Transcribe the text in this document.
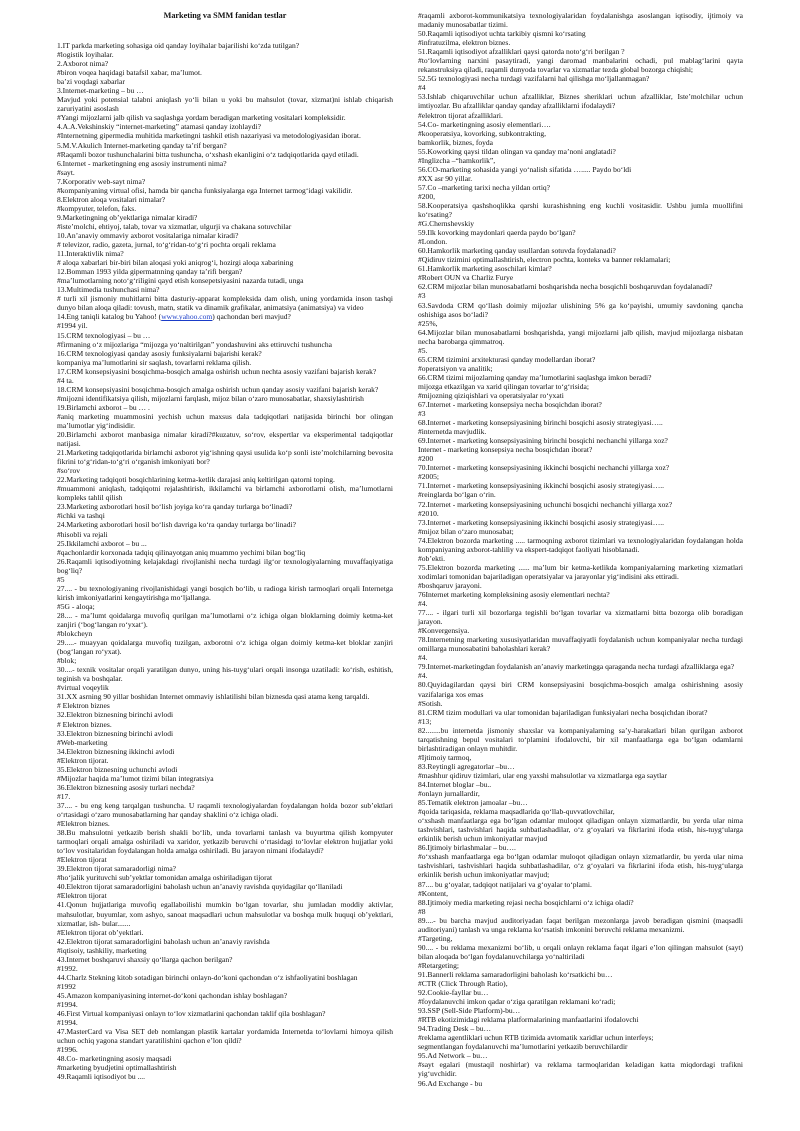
Marketing va SMM fanidan testlar
1.IT parkda marketing sohasiga oid qanday loyihalar bajarilishi ko‘zda tutilgan?
#logistik loyihalar.
2.Axborot nima?
#biron voqea haqidagi batafsil xabar, ma’lumot.
ba’zi voqdagi xabarlar
3.Internet-marketing – bu …
Mavjud yoki potensial talabni aniqlash yo‘li bilan u yoki bu mahsulot (tovar, xizmat)ni ishlab chiqarish zaruriyatini asoslash
#Yangi mijozlarni jalb qilish va saqlashga yordam beradigan marketing vositalari kompleksidir.
4.A.A.Vekshinskiy “internet-marketing” atamasi qanday izohlaydi?
#Internetning gipermedia muhitida marketingni tashkil etish nazariyasi va metodologiyasidan iborat.
5.M.V.Akulich Internet-marketing qanday ta’rif bergan?
#Raqamli bozor tushunchalarini bitta tushuncha, o‘xshash ekanligini o‘z tadqiqotlarida qayd etiladi.
6.Internet - marketingning eng asosiy instrumenti nima?
#sayt.
7.Korporativ web-sayt nima?
#kompaniyaning virtual ofisi, hamda bir qancha funksiyalarga ega Internet tarmog‘idagi vakilidir.
8.Elektron aloqa vositalari nimalar?
#kompyuter, telefon, faks.
9.Marketingning ob’yektlariga nimalar kiradi?
#iste’molchi, ehtiyoj, talab, tovar va xizmatlar, ulgurji va chakana sotuvchilar
10.An’anaviy ommaviy axborot vositalariga nimalar kiradi?
# televizor, radio, gazeta, jurnal, to‘g‘ridan-to‘g‘ri pochta orqali reklama
11.Interaktivlik nima?
# aloqa xabarlari bir-biri bilan aloqasi yoki aniqrog‘i, hozirgi aloqa xabarining
12.Bomman 1993 yilda gipermatnning qanday ta’rifi bergan?
#ma’lumotlarning noto‘g‘riligini qayd etish konsepetsiyasini nazarda tutadi, unga
13.Multimedia tushunchasi nima?
# turli xil jismoniy muhitlarni bitta dasturiy-apparat kompleksida dam olish, uning yordamida inson tashqi dunyo bilan aloqa qiladi: tovush, matn, statik va dinamik grafikalar, animatsiya (animatsiya) va video
14.Eng taniqli katalog bu Yahoo! (www.yahoo.com) qachondan beri mavjud?
#1994 yil.
15.CRM texnologiyasi – bu …
#firmaning o‘z mijozlariga “mijozga yo‘naltirilgan” yondashuvini aks ettiruvchi tushuncha
16.CRM texnologiyasi qanday asosiy funksiyalarni bajarishi kerak?
kompaniya ma’lumotlarini sir saqlash, tovarlarni reklama qilish.
17.CRM konsepsiyasini bosqichma-bosqich amalga oshirish uchun nechta asosiy vazifani bajarish kerak?
#4 ta.
18.CRM konsepsiyasini bosqichma-bosqich amalga oshirish uchun qanday asosiy vazifani bajarish kerak?
#mijozni identifikatsiya qilish, mijozlarni farqlash, mijoz bilan o‘zaro munosabatlar, shaxsiylashtirish
19.Birlamchi axborot – bu … .
#aniq marketing muammosini yechish uchun maxsus dala tadqiqotlari natijasida birinchi bor olingan ma’lumotlar yig‘indisidir.
20.Birlamchi axborot manbasiga nimalar kiradi?#kuzatuv, so‘rov, ekspertlar va eksperimental tadqiqotlar natijasi.
21.Marketing tadqiqotlarida birlamchi axborot yig‘ishning qaysi usulida ko‘p sonli iste’molchilarning bevosita fikrini to‘g‘ridan-to‘g‘ri o‘rganish imkoniyati bor?
#so‘rov
22.Marketing tadqiqoti bosqichlarining ketma-ketlik darajasi aniq keltirilgan qatorni toping.
#muammoni aniqlash, tadqiqotni rejalashtirish, ikkilamchi va birlamchi axborotlarni olish, ma’lumotlarni kompleks tahlil qilish
23.Marketing axborotlari hosil bo‘lish joyiga ko‘ra qanday turlarga bo‘linadi?
#ichki va tashqi
24.Marketing axborotlari hosil bo‘lish davriga ko‘ra qanday turlarga bo‘linadi?
#hisobli va rejali
25.Ikkilamchi axborot – bu ...
#qachonlardir korxonada tadqiq qilinayotgan aniq muammo yechimi bilan bog‘liq
26.Raqamli iqtisodiyotning kelajakdagi rivojlanishi necha turdagi ilg‘or texnologiyalarning muvaffaqiyatiga bog‘liq?
#5
27.... - bu texnologiyaning rivojlanishidagi yangi bosqich bo‘lib, u radioga kirish tarmoqlari orqali Internetga kirish imkoniyatlarini kengaytirishga mo‘ljallanga.
#5G - aloqa;
28.... - ma’lumt qoidalarga muvofiq qurilgan ma’lumotlarni o‘z ichiga olgan bloklarning doimiy ketma-ket zanjiri (‘bog‘langan ro‘yxat‘).
#blokcheyn
29.....- muayyan qoidalarga muvofiq tuzilgan, axborotni o‘z ichiga olgan doimiy ketma-ket bloklar zanjiri (bog‘langan ro‘yxat).
#blok;
30....- texnik vositalar orqali yaratilgan dunyo, uning his-tuyg‘ulari orqali insonga uzatiladi: ko‘rish, eshitish, teginish va boshqalar.
#virtual voqeylik
31.XX asrning 90 yillar boshidan Internet ommaviy ishlatilishi bilan biznesda qasi atama keng tarqaldi.
# Elektron biznes
32.Elektron biznesning birinchi avlodi
# Elektron biznes.
33.Elektron biznesning birinchi avlodi
#Web-marketing
34.Elektron biznesning ikkinchi avlodi
#Elektron tijorat.
35.Elektron biznesning uchunchi avlodi
#Mijozlar haqida ma’lumot tizimi bilan integratsiya
36.Elektron biznesning asosiy turlari nechda?
#17.
37.... - bu eng keng tarqalgan tushuncha. U raqamli texnologiyalardan foydalangan holda bozor sub’ektlari o‘rtasidagi o‘zaro munosabatlarning har qanday shaklini o‘z ichiga oladi.
#Elektron biznes.
38.Bu mahsulotni yetkazib berish shakli bo‘lib, unda tovarlarni tanlash va buyurtma qilish kompyuter tarmoqlari orqali amalga oshiriladi va xaridor, yetkazib beruvchi o‘rtasidagi to‘lovlar elektron hujjatlar yoki to‘lov vositalaridan foydalangan holda amalga oshiriladi. Bu jarayon nimani ifodalaydi?
#Elektron tijorat
39.Elektron tijorat samaradorligi nima?
#ho‘jalik yurituvchi sub’yektlar tomonidan amalga oshiriladigan tijorat
40.Elektron tijorat samaradorligini baholash uchun an’anaviy ravishda quyidagilar qo‘llaniladi
#Elektron tijorat
41.Qonun hujjatlariga muvofiq egallaboilishi mumkin bo‘lgan tovarlar, shu jumladan moddiy aktivlar, mahsulotlar, buyumlar, xom ashyo, sanoat maqsadlari uchun mahsulotlar va boshqa mulk huquqi ob’yektlari, xizmatlar, ish- bular.......
#Elektron tijorat ob’yektlari.
42.Elektron tijorat samaradorligini baholash uchun an’anaviy ravishda
#iqtisoiy, tashkiliy, marketing
43.Internet boshqaruvi shaxsiy qo‘llarga qachon berilgan?
#1992.
44.Charlz Stekning kitob sotadigan birinchi onlayn-do‘koni qachondan o‘z ishfaoliyatini boshlagan
#1992
45.Amazon kompaniyasining internet-do‘koni qachondan ishlay boshlagan?
#1994.
46.First Virtual kompaniyasi onlayn to‘lov xizmatlarini qachondan taklif qila boshlagan?
#1994.
47.MasterCard va Visa SET deb nomlangan plastik kartalar yordamida Internetda to‘lovlarni himoya qilish uchun ochiq yagona standart yaratilishini qachon e’lon qildi?
#1996.
48.Co- marketingning asosiy maqsadi
#marketing byudjetini optimallashtirish
49.Raqamli iqtisodiyot bu ....
#raqamli axborot-kommunikatsiya texnologiyalaridan foydalanishga asoslangan iqtisodiy, ijtimoiy va madaniy munosabatlar tizimi.
50.Raqamli iqtisodiyot uchta tarkibiy qismni ko‘rsating
#infratuzilma, elektron biznes.
51.Raqamli iqtisodiyot afzalliklari qaysi qatorda noto‘g‘ri berilgan ?
#to‘lovlarning narxini pasaytiradi, yangi daromad manbalarini ochadi, pul mablag‘larini qayta rekanstruksiya qiladi, raqamli dunyoda tovarlar va xizmatlar tezda global bozorga chiqishi;
52.5G texnologiyasi necha turdagi vazifalarni hal qilishga mo‘ljallanmagan?
#4
53.Ishlab chiqaruvchilar uchun afzalliklar, Biznes sheriklari uchun afzalliklar, Iste’molchilar uchun imtiyozlar. Bu afzalliklar qanday qanday afzalliklarni ifodalaydi?
#elektron tijorat afzalliklari.
54.Co- marketingning asosiy elementlari….
#kooperatsiya, kovorking, subkontrakting,
bamkorlik, biznes, foyda
55.Koworking qaysi tildan olingan va qanday ma’noni anglatadi?
#Inglizcha –“hamkorlik”,
56.CO-marketing sohasida yangi yo‘nalish sifatida …..... Paydo bo‘ldi
#XX asr 90 yillar.
57.Co –marketing tarixi necha yildan ortiq?
#200,
58.Kooperatsiya qashshoqlikka qarshi kurashishning eng kuchli vositasidir. Ushbu jumla muollifini ko‘rsating?
#G.Chernshevskiy
59.Ilk kovorking maydonlari qaerda paydo bo‘lgan?
#London.
60.Hamkorlik marketing qanday usullardan sotuvda foydalanadi?
#Qidiruv tizimini optimallashtirish, electron pochta, konteks va banner reklamalari;
61.Hamkorlik marketing asoschilari kimlar?
#Robert OUN va Charliz Furye
62.CRM mijozlar bilan munosabatlarni boshqarishda necha bosqichli boshqaruvdan foydalanadi?
#3
63.Savdoda CRM qo‘llash doimiy mijozlar ulishining 5% ga ko‘payishi, umumiy savdoning qancha oshishiga asos bo‘ladi?
#25%,
64.Mijozlar bilan munosabatlarni boshqarishda, yangi mijozlarni jalb qilish, mavjud mijozlarga nisbatan necha barobarga qimmatroq.
#5.
65.CRM tizimini arxitekturasi qanday modellardan iborat?
#operatsiyon va analitik;
66.CRM tizimi mijozlarning qanday ma’lumotlarini saqlashga imkon beradi?
mijozga etkazilgan va xarid qilingan tovarlar to‘g‘risida;
#mijozning qiziqishlari va operatsiyalar ro‘yxati
67.Internet - marketing konsepsiya necha bosqichdan iborat?
#3
68.Internet - marketing konsepsiyasining birinchi bosqichi asosiy strategiyasi…..
#internetda mavjudlik.
69.Internet - marketing konsepsiyasining birinchi bosqichi nechanchi yillarga xoz?
Internet - marketing konsepsiya necha bosqichdan iborat?
#200
70.Internet - marketing konsepsiyasining ikkinchi bosqichi nechanchi yillarga xoz?
#2005;
71.Internet - marketing konsepsiyasining ikkinchi bosqichi asosiy strategiyasi…..
#reinglarda bo‘lgan o‘rin.
72.Internet - marketing konsepsiyasining uchunchi bosqichi nechanchi yillarga xoz?
#2010.
73.Internet - marketing konsepsiyasining ikkinchi bosqichi asosiy strategiyasi…..
#mijoz bilan o‘zaro munosabat;
74.Elektron bozorda marketing ..... tarmoqning axborot tizimlari va texnologiyalaridan foydalangan holda kompaniyaning axborot-tahliliy va ekspert-tadqiqot faoliyati hisoblanadi.
#ob’ekti.
75.Elektron bozorda marketing ...... ma’lum bir ketma-ketlikda kompaniyalarning marketing xizmatlari xodimlari tomonidan bajariladigan operatsiyalar va jarayonlar yig‘indisini aks ettiradi.
#boshqaruv jarayoni.
76Internet marketing kompleksining asosiy elementlari nechta?
#4.
77.... - ilgari turli xil bozorlarga tegishli bo‘lgan tovarlar va xizmatlarni bitta bozorga olib boradigan jarayon.
#Konvergensiya.
78.Internetning marketing xususiyatlaridan muvaffaqiyatli foydalanish uchun kompaniyalar necha turdagi omillarga munosabatini baholashlari kerak?
#4.
79.Internet-marketingdan foydalanish an’anaviy marketingga qaraganda necha turdagi afzalliklarga ega?
#4.
80.Quyidagilardan qaysi biri CRM konsepsiyasini bosqichma-bosqich amalga oshirishning asosiy vazifalariga xos emas
#Sotish.
81.CRM tizim modullari va ular tomonidan bajariladigan funksiyalari necha bosqichdan iborat?
#13;
82........bu internetda jismoniy shaxslar va kompaniyalarning sa’y-harakatlari bilan qurilgan axborot tarqatishning bepul vositalari to‘plamini ifodalovchi, bir xil manfaatlarga ega bo‘lgan odamlarni birlashtiradigan onlayn muhitdir.
#Ijtimoiy tarmoq,
83.Reytingli agregatorlar –bu…
#mashhur qidiruv tizimlari, ular eng yaxshi mahsulotlar va xizmatlarga ega saytlar
84.Internet bloglar –bu..
#onlayn jurnallardir,
85.Tematik elektron jamoalar –bu…
#qoida tariqasida, reklama maqsadlarida qo‘llab-quvvatlovchilar,
o‘xshash manfaatlarga ega bo‘lgan odamlar muloqot qiladigan onlayn xizmatlardir, bu yerda ular nima tashvishlari, tashvishlari haqida suhbatlashadilar, o‘z g‘oyalari va fikrlarini ifoda etish, his-tuyg‘ularga erkinlik berish uchun imkoniyatlar mavjud
86.Ijtimoiy birlashmalar – bu….
#o‘xshash manfaatlarga ega bo‘lgan odamlar muloqot qiladigan onlayn xizmatlardir, bu yerda ular nima tashvishlari, tashvishlari haqida suhbatlashadilar, o‘z g‘oyalari va fikrlarini ifoda etish, his-tuyg‘ularga erkinlik berish uchun imkoniyatlar mavjud;
87.... bu g‘oyalar, tadqiqot natijalari va g‘oyalar to‘plami.
#Kontent,
88.Ijtimoiy media marketing rejasi necha bosqichlarni o‘z ichiga oladi?
#8
89....- bu barcha mavjud auditoriyadan faqat berilgan mezonlarga javob beradigan qismini (maqsadli auditoriyani) tanlash va unga reklama ko‘rsatish imkonini beruvchi reklama mexanizmi.
#Targeting,
90.... - bu reklama mexanizmi bo‘lib, u orqali onlayn reklama faqat ilgari e’lon qilingan mahsulot (sayt) bilan aloqada bo‘lgan foydalanuvchilarga yo‘naltiriladi
#Retargeting;
91.Bannerli reklama samaradorligini baholash ko‘rsatkichi bu…
#CTR (Click Through Ratio),
92.Cookie-fayllar bu…
#foydalanuvchi imkon qadar o‘ziga qaratilgan reklamani ko‘radi;
93.SSP (Sell-Side Platform)-bu…
#RTB ekotizimidagi reklama platformalarining manfaatlarini ifodalovchi
94.Trading Desk – bu…
#reklama agentliklari uchun RTB tizimida avtomatik xaridlar uchun interfeys;
segmentlangan foydalanuvchi ma’lumotlarini yetkazib beruvchilardir
95.Ad Network – bu…
#sayt egalari (mustaqil noshirlar) va reklama tarmoqlaridan keladigan katta miqdordagi trafikni yig‘uvchidir.
96.Ad Exchange - bu
